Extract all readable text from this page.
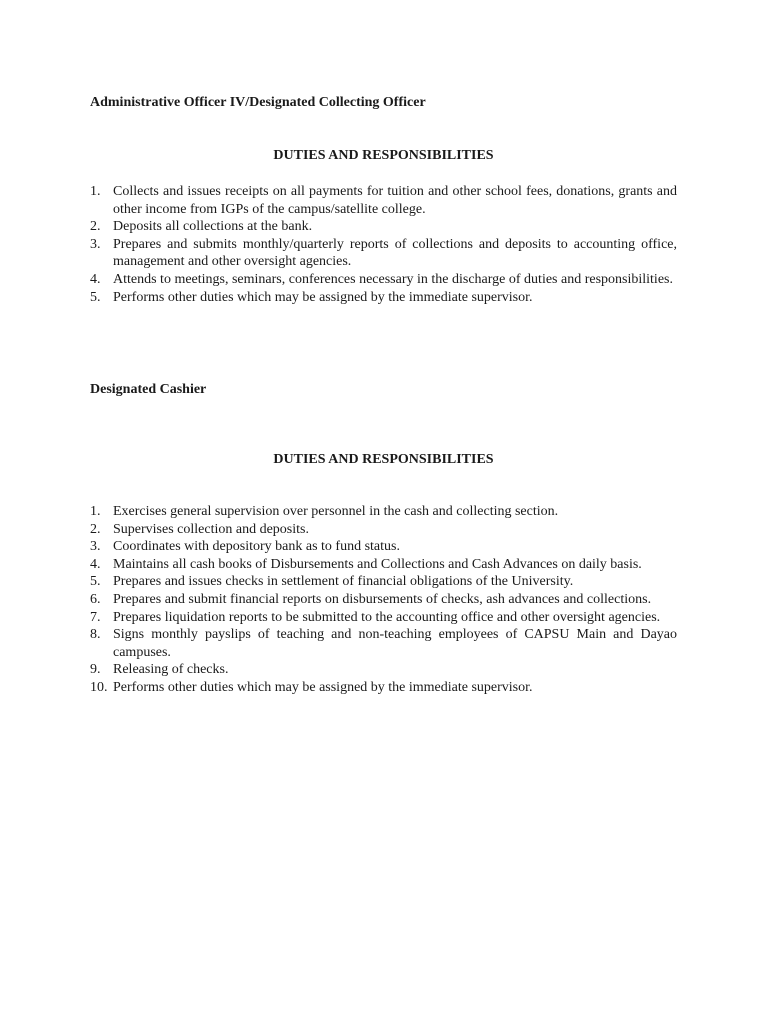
Administrative Officer IV/Designated Collecting Officer
DUTIES AND RESPONSIBILITIES
1. Collects and issues receipts on all payments for tuition and other school fees, donations, grants and other income from IGPs of the campus/satellite college.
2. Deposits all collections at the bank.
3. Prepares and submits monthly/quarterly reports of collections and deposits to accounting office, management and other oversight agencies.
4. Attends to meetings, seminars, conferences necessary in the discharge of duties and responsibilities.
5. Performs other duties which may be assigned by the immediate supervisor.
Designated Cashier
DUTIES AND RESPONSIBILITIES
1. Exercises general supervision over personnel in the cash and collecting section.
2. Supervises collection and deposits.
3. Coordinates with depository bank as to fund status.
4. Maintains all cash books of Disbursements and Collections and Cash Advances on daily basis.
5. Prepares and issues checks in settlement of financial obligations of the University.
6. Prepares and submit financial reports on disbursements of checks, ash advances and collections.
7. Prepares liquidation reports to be submitted to the accounting office and other oversight agencies.
8. Signs monthly payslips of teaching and non-teaching employees of CAPSU Main and Dayao campuses.
9. Releasing of checks.
10. Performs other duties which may be assigned by the immediate supervisor.
